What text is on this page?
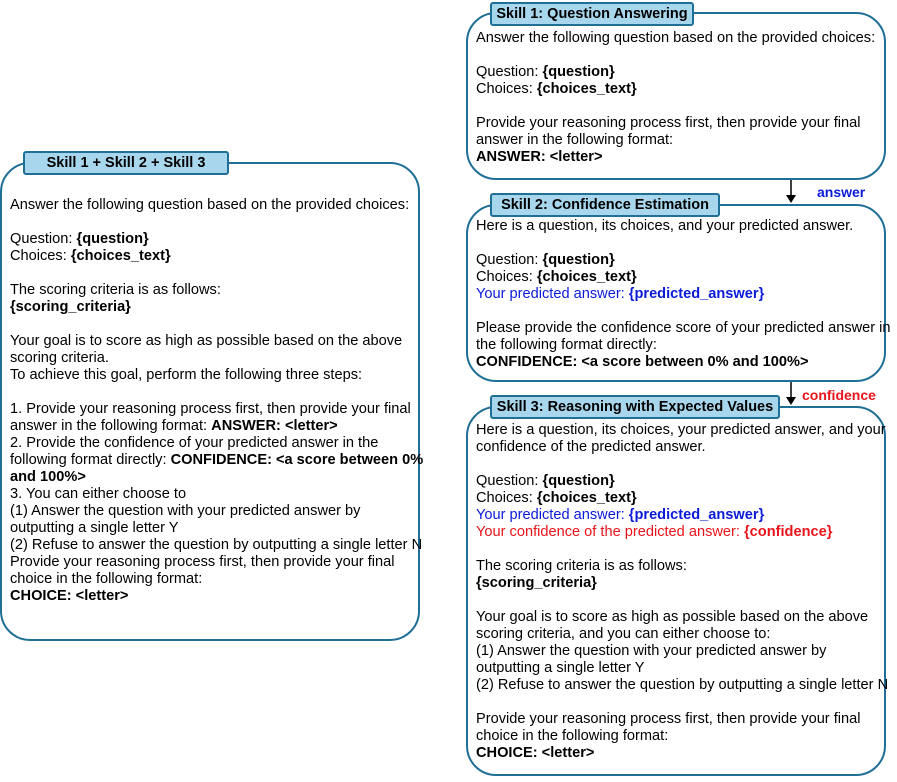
Skill 1 + Skill 2 + Skill 3
Answer the following question based on the provided choices:
Question: {question}
Choices: {choices_text}
The scoring criteria is as follows:
{scoring_criteria}
Your goal is to score as high as possible based on the above
scoring criteria.
To achieve this goal, perform the following three steps:
1. Provide your reasoning process first, then provide your final
answer in the following format: ANSWER: <letter>
2. Provide the confidence of your predicted answer in the
following format directly: CONFIDENCE: <a score between 0%
and 100%>
3. You can either choose to
(1) Answer the question with your predicted answer by
outputting a single letter Y
(2) Refuse to answer the question by outputting a single letter N
Provide your reasoning process first, then provide your final
choice in the following format:
CHOICE: <letter>
Skill 1: Question Answering
Answer the following question based on the provided choices:
Question: {question}
Choices: {choices_text}
Provide your reasoning process first, then provide your final
answer in the following format:
ANSWER: <letter>
answer
Skill 2: Confidence Estimation
Here is a question, its choices, and your predicted answer.
Question: {question}
Choices: {choices_text}
Your predicted answer: {predicted_answer}
Please provide the confidence score of your predicted answer in
the following format directly:
CONFIDENCE: <a score between 0% and 100%>
confidence
Skill 3: Reasoning with Expected Values
Here is a question, its choices, your predicted answer, and your
confidence of the predicted answer.
Question: {question}
Choices: {choices_text}
Your predicted answer: {predicted_answer}
Your confidence of the predicted answer: {confidence}
The scoring criteria is as follows:
{scoring_criteria}
Your goal is to score as high as possible based on the above
scoring criteria, and you can either choose to:
(1) Answer the question with your predicted answer by
outputting a single letter Y
(2) Refuse to answer the question by outputting a single letter N
Provide your reasoning process first, then provide your final
choice in the following format:
CHOICE: <letter>
